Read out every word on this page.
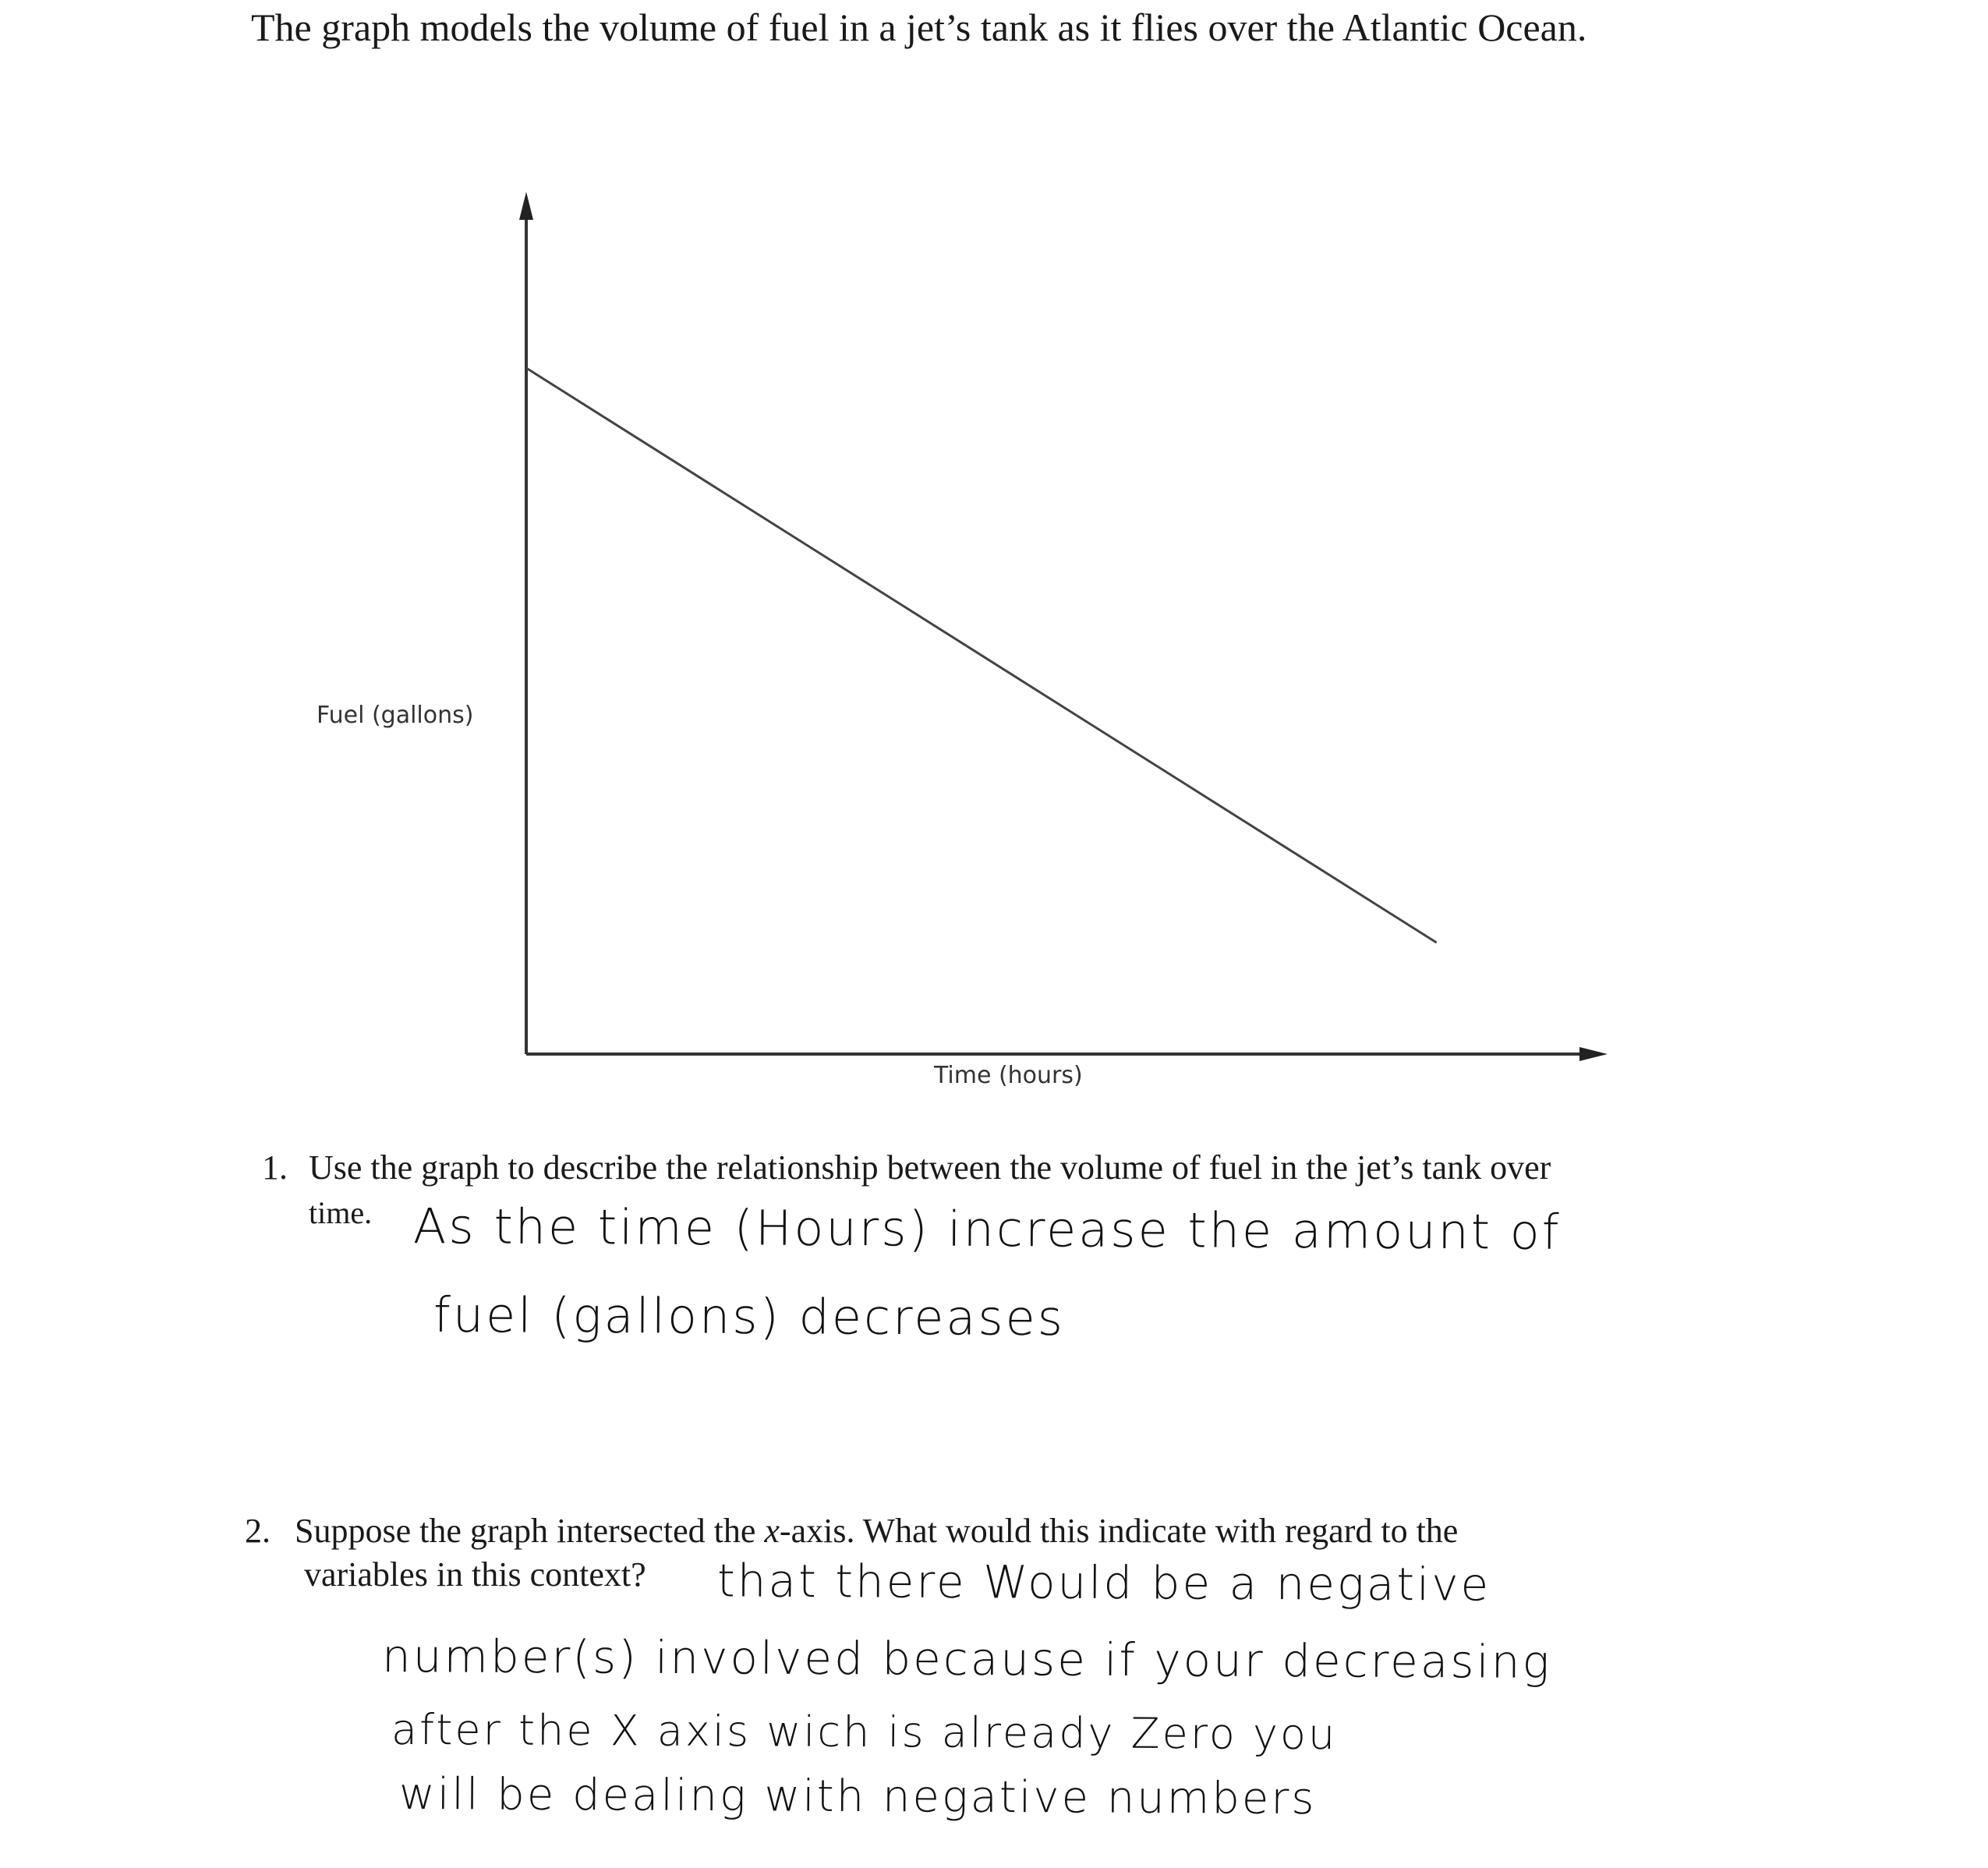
The graph models the volume of fuel in a jet’s tank as it flies over the Atlantic Ocean.
Fuel (gallons)
Time (hours)
1. Use the graph to describe the relationship between the volume of fuel in the jet’s tank over
time. As the time (Hours) increase the amount of
fuel (gallons) decreases
2. Suppose the graph intersected the x-axis. What would this indicate with regard to the
variables in this context? that there Would be a negative
number(s) involved because if your decreasing
after the X axis wich is already Zero you
will be dealing with negative numbers
